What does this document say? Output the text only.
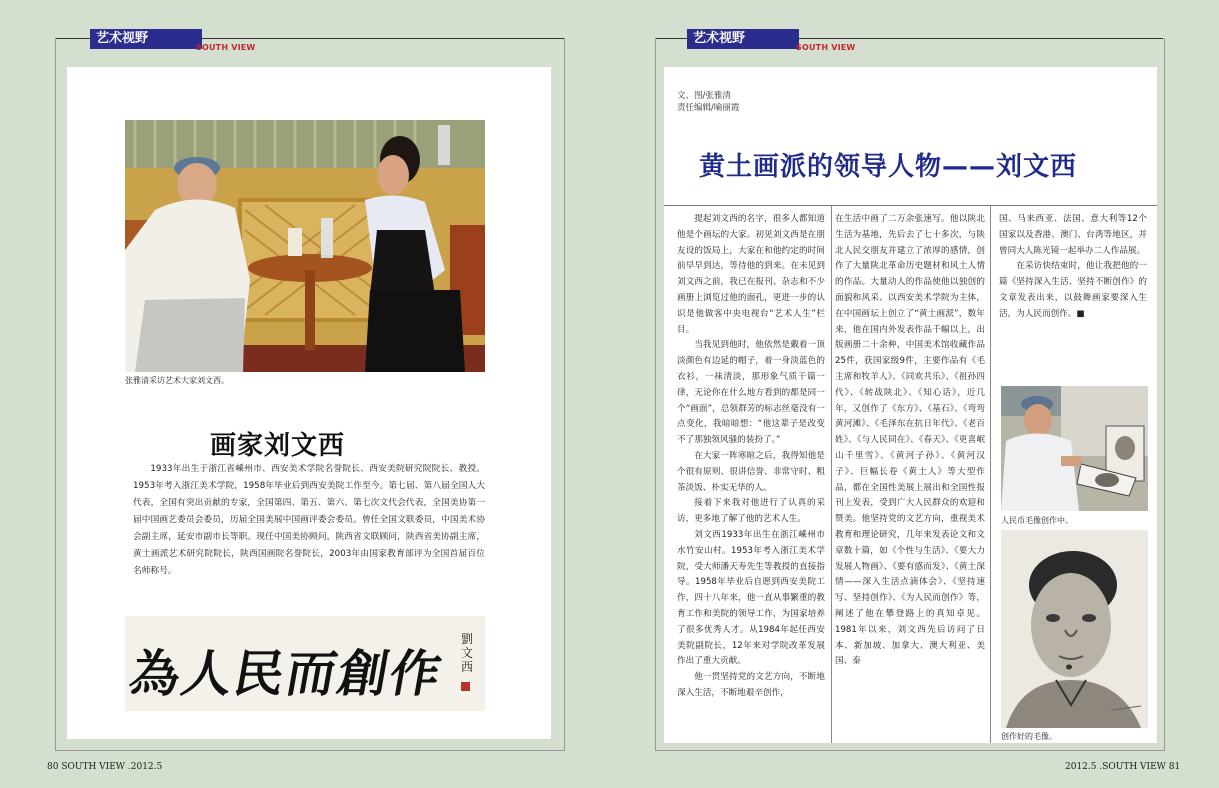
艺术视野
SOUTH VIEW
张雅清采访艺术大家刘文西。
画家刘文西
1933年出生于浙江省嵊州市、西安美术学院名誉院长、西安美院研究院院长、教授。1953年考入浙江美术学院，1958年毕业后到西安美院工作至今。第七届、第八届全国人大代表，全国有突出贡献的专家，全国第四、第五、第六、第七次文代会代表，全国美协第一届中国画艺委员会委员，历届全国美展中国画评委会委员。曾任全国文联委员，中国美术协会副主席，延安市副市长等职。现任中国美协顾问，陕西省文联顾问，陕西省美协副主席，黄土画派艺术研究院院长，陕西国画院名誉院长，2003年由国家教育部评为全国首届百位名师称号。
為人民而創作
劉文西
80 SOUTH VIEW .2012.5
艺术视野
SOUTH VIEW
文、图/张雅清
责任编辑/喻丽霞
黄土画派的领导人物——刘文西

提起刘文西的名字，很多人都知道他是个画坛的大家。初见刘文西是在朋友设的饭局上，大家在和他约定的时间前早早到达，等待他的到来。在未见到刘文西之前，我已在报刊、杂志和不少画册上浏览过他的面孔，更进一步的认识是他做客中央电视台“艺术人生”栏目。

当我见到他时，他依然是戴着一顶淡颜色有边延的帽子，着一身淡蓝色的衣衫，一袜清淡，那形象气质干篇一律，无论你在什么地方看到的都是同一个“画面”，总领群芳的标志丝毫没有一点变化，我暗暗想：“他这辈子是改变不了那独领风骚的装扮了。”

在大家一阵寒暄之后，我得知他是个很有原则、很讲信誉、非常守时、粗茶淡饭、朴实无华的人。

接着下来我对他进行了认真的采访，更多地了解了他的艺术人生。

刘文西1933年出生在浙江嵊州市水竹安山村。1953年考入浙江美术学院，受大师潘天寿先生等教授的直接指导。1958年毕业后自愿到西安美院工作，四十八年来，他一直从事繁重的教育工作和美院的领导工作，为国家培养了很多优秀人才。从1984年起任西安美院副院长，12年来对学院改革发展作出了重大贡献。

他一贯坚持党的文艺方向，不断地深入生活，不断地艰辛创作，

在生活中画了二万余张速写。他以陕北生活为基地，先后去了七十多次，与陕北人民交朋友并建立了浓厚的感情，创作了大量陕北革命历史题材和风土人情的作品。大量动人的作品使他以独创的面貌和风采、以西安美术学院为主体，在中国画坛上创立了“黄土画派”，数年来，他在国内外发表作品千幅以上，出版画册二十余种，中国美术馆收藏作品25件，获国家级9件，主要作品有《毛主席和牧羊人》、《同欢共乐》、《祖孙四代》、《转战陕北》、《知心话》，近几年，又创作了《东方》、《基石》、《弯弯黄河滩》、《毛泽东在抗日年代》、《老百姓》、《与人民同在》、《春天》、《更喜岷山千里雪》、《黄河子孙》、《黄河汉子》、巨幅长卷《黄土人》等大型作品，都在全国性美展上展出和全国性报刊上发表，受到广大人民群众的欢迎和赞美。他坚持党的文艺方向，重视美术教育和理论研究，几年来发表论文和文章数十篇，如《个性与生活》、《要大力发展人物画》、《要有感而发》、《黄土深情——深入生活点滴体会》、《坚持速写、坚持创作》、《为人民而创作》等，阐述了他在攀登路上的真知卓见。1981年以来，刘文西先后访问了日本、新加坡、加拿大、澳大利亚、美国、泰

国、马来西亚、法国、意大利等12个国家以及香港、澳门、台湾等地区，并曾同大人陈光镜一起举办二人作品展。

在采访快结束时，他让我把他的一篇《坚持深入生活、坚持不断创作》的文章发表出来，以鼓舞画家要深入生活，为人民而创作。■

人民币毛像创作中。
创作好的毛像。
2012.5 .SOUTH VIEW 81
